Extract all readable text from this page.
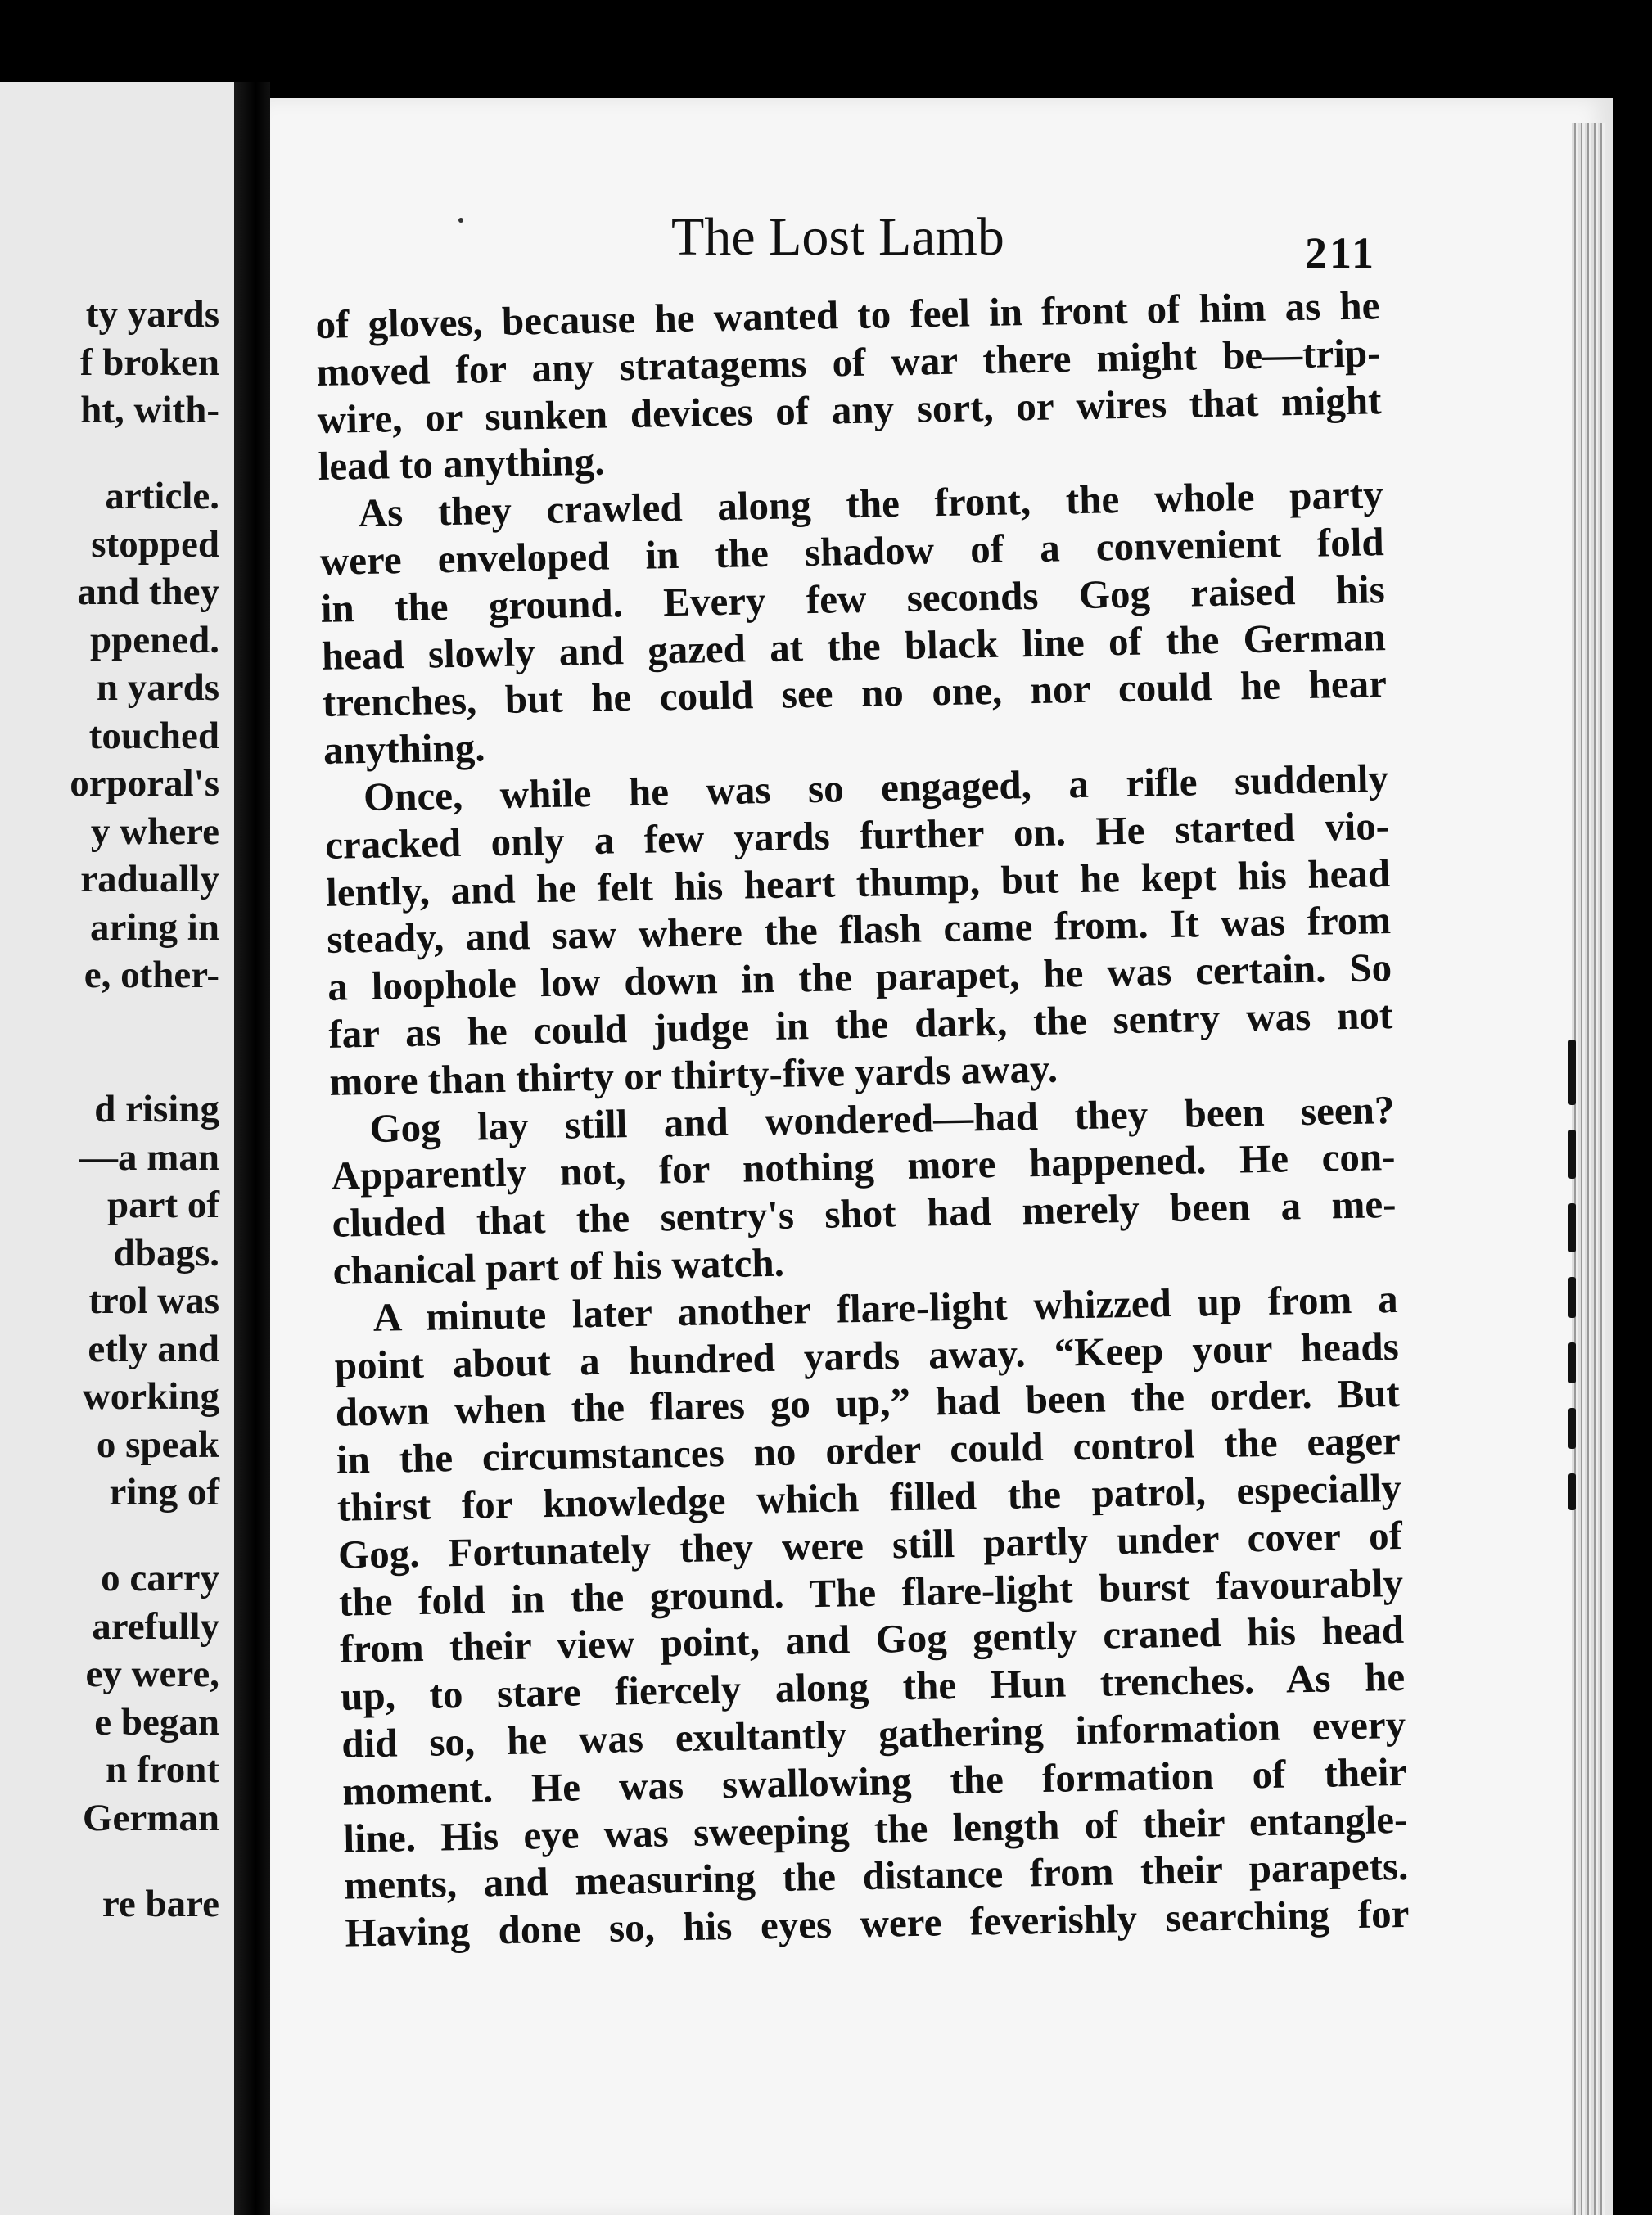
ty yards
f broken
ht, with-
article.
stopped
and they
ppened.
n yards
touched
orporal's
y where
radually
aring in
e, other-
d rising
—a man
part of
dbags.
trol was
etly and
working
o speak
ring of
o carry
arefully
ey were,
e began
n front
German
re bare
The Lost Lamb	211
of gloves, because he wanted to feel in front of him as he
moved for any stratagems of war there might be—trip-
wire, or sunken devices of any sort, or wires that might
lead to anything.
As they crawled along the front, the whole party
were enveloped in the shadow of a convenient fold
in the ground. Every few seconds Gog raised his
head slowly and gazed at the black line of the German
trenches, but he could see no one, nor could he hear
anything.
Once, while he was so engaged, a rifle suddenly
cracked only a few yards further on. He started vio-
lently, and he felt his heart thump, but he kept his head
steady, and saw where the flash came from. It was from
a loophole low down in the parapet, he was certain. So
far as he could judge in the dark, the sentry was not
more than thirty or thirty-five yards away.
Gog lay still and wondered—had they been seen?
Apparently not, for nothing more happened. He con-
cluded that the sentry's shot had merely been a me-
chanical part of his watch.
A minute later another flare-light whizzed up from a
point about a hundred yards away. “Keep your heads
down when the flares go up,” had been the order. But
in the circumstances no order could control the eager
thirst for knowledge which filled the patrol, especially
Gog. Fortunately they were still partly under cover of
the fold in the ground. The flare-light burst favourably
from their view point, and Gog gently craned his head
up, to stare fiercely along the Hun trenches. As he
did so, he was exultantly gathering information every
moment. He was swallowing the formation of their
line. His eye was sweeping the length of their entangle-
ments, and measuring the distance from their parapets.
Having done so, his eyes were feverishly searching for
